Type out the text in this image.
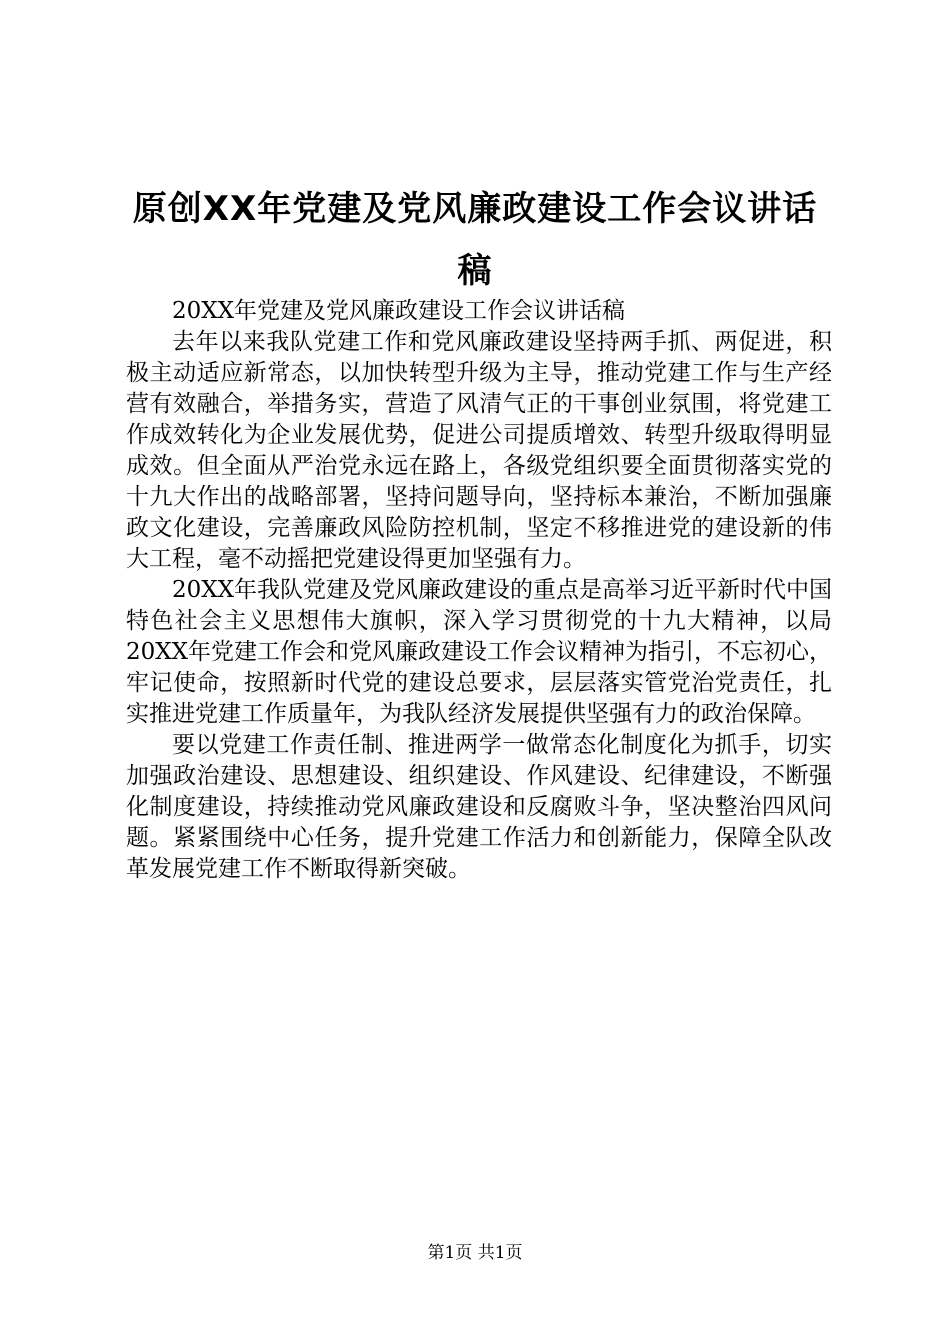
原创XX年党建及党风廉政建设工作会议讲话稿

20XX年党建及党风廉政建设工作会议讲话稿

去年以来我队党建工作和党风廉政建设坚持两手抓、两促进，积极主动适应新常态，以加快转型升级为主导，推动党建工作与生产经营有效融合，举措务实，营造了风清气正的干事创业氛围，将党建工作成效转化为企业发展优势，促进公司提质增效、转型升级取得明显成效。但全面从严治党永远在路上，各级党组织要全面贯彻落实党的十九大作出的战略部署，坚持问题导向，坚持标本兼治，不断加强廉政文化建设，完善廉政风险防控机制，坚定不移推进党的建设新的伟大工程，毫不动摇把党建设得更加坚强有力。

20XX年我队党建及党风廉政建设的重点是高举习近平新时代中国特色社会主义思想伟大旗帜，深入学习贯彻党的十九大精神，以局20XX年党建工作会和党风廉政建设工作会议精神为指引，不忘初心，牢记使命，按照新时代党的建设总要求，层层落实管党治党责任，扎实推进党建工作质量年，为我队经济发展提供坚强有力的政治保障。

要以党建工作责任制、推进两学一做常态化制度化为抓手，切实加强政治建设、思想建设、组织建设、作风建设、纪律建设，不断强化制度建设，持续推动党风廉政建设和反腐败斗争，坚决整治四风问题。紧紧围绕中心任务，提升党建工作活力和创新能力，保障全队改革发展党建工作不断取得新突破。

第1页 共1页
